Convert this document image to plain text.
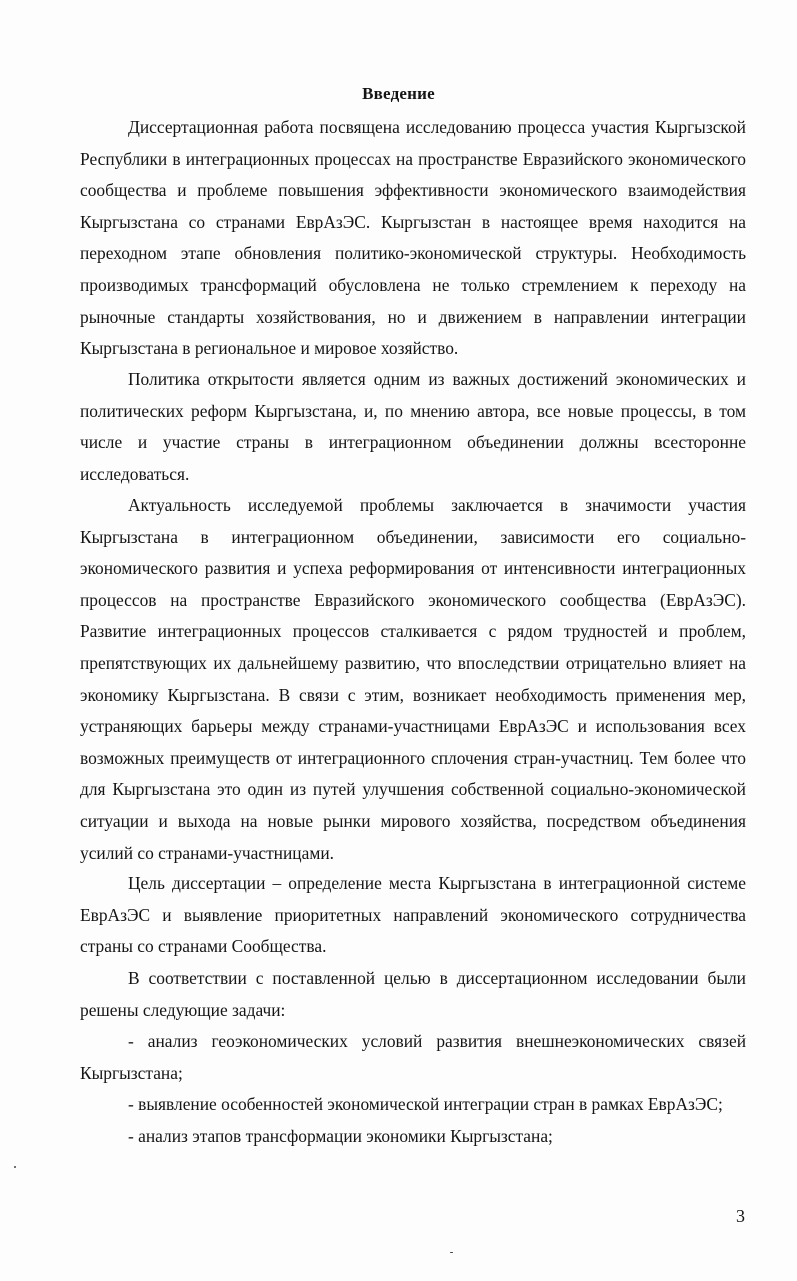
Введение

Диссертационная работа посвящена исследованию процесса участия Кыргызской Республики в интеграционных процессах на пространстве Евразийского экономического сообщества и проблеме повышения эффективности экономического взаимодействия Кыргызстана со странами ЕврАзЭС. Кыргызстан в настоящее время находится на переходном этапе обновления политико-экономической структуры. Необходимость производимых трансформаций обусловлена не только стремлением к переходу на рыночные стандарты хозяйствования, но и движением в направлении интеграции Кыргызстана в региональное и мировое хозяйство.

Политика открытости является одним из важных достижений экономических и политических реформ Кыргызстана, и, по мнению автора, все новые процессы, в том числе и участие страны в интеграционном объединении должны всесторонне исследоваться.

Актуальность исследуемой проблемы заключается в значимости участия Кыргызстана в интеграционном объединении, зависимости его социально-экономического развития и успеха реформирования от интенсивности интеграционных процессов на пространстве Евразийского экономического сообщества (ЕврАзЭС). Развитие интеграционных процессов сталкивается с рядом трудностей и проблем, препятствующих их дальнейшему развитию, что впоследствии отрицательно влияет на экономику Кыргызстана. В связи с этим, возникает необходимость применения мер, устраняющих барьеры между странами-участницами ЕврАзЭС и использования всех возможных преимуществ от интеграционного сплочения стран-участниц. Тем более что для Кыргызстана это один из путей улучшения собственной социально-экономической ситуации и выхода на новые рынки мирового хозяйства, посредством объединения усилий со странами-участницами.

Цель диссертации – определение места Кыргызстана в интеграционной системе ЕврАзЭС и выявление приоритетных направлений экономического сотрудничества страны со странами Сообщества.

В соответствии с поставленной целью в диссертационном исследовании были решены следующие задачи:

- анализ геоэкономических условий развития внешнеэкономических связей Кыргызстана;

- выявление особенностей экономической интеграции стран в рамках ЕврАзЭС;

- анализ этапов трансформации экономики Кыргызстана;

3
